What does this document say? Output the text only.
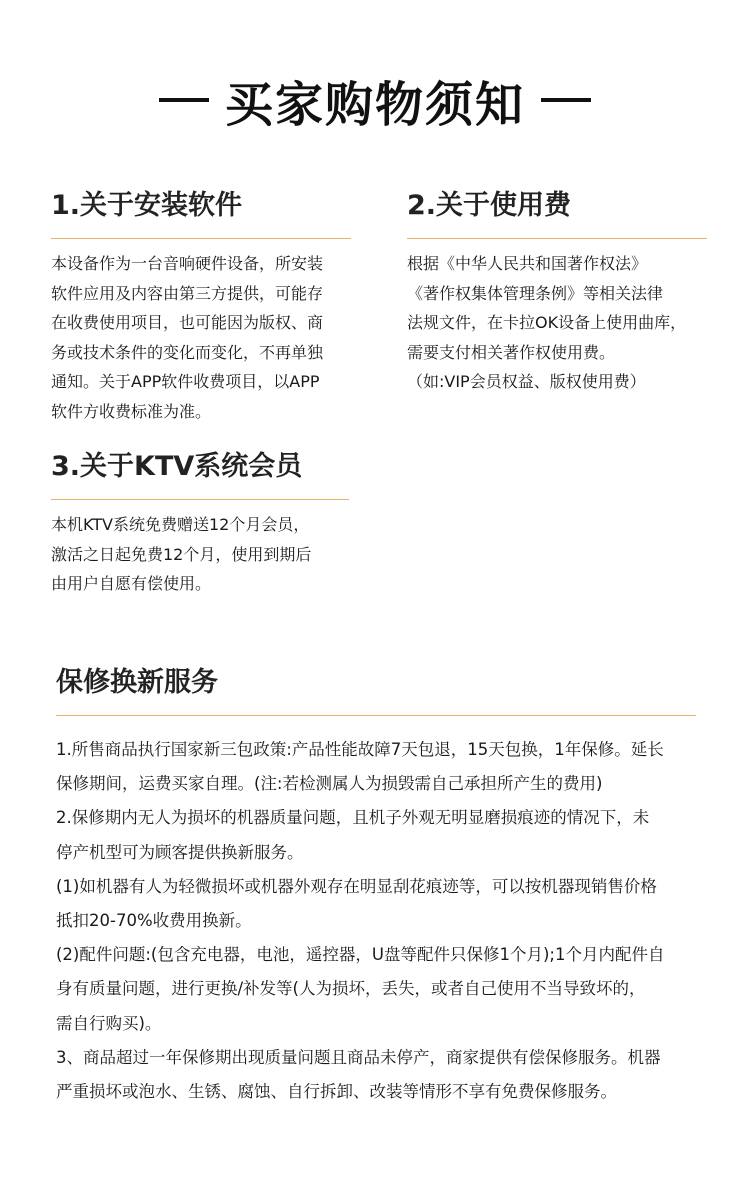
买家购物须知
1.关于安装软件

本设备作为一台音响硬件设备，所安装

软件应用及内容由第三方提供，可能存

在收费使用项目，也可能因为版权、商

务或技术条件的变化而变化，不再单独

通知。关于APP软件收费项目，以APP

软件方收费标准为准。

2.关于使用费

根据《中华人民共和国著作权法》

《著作权集体管理条例》等相关法律

法规文件，在卡拉OK设备上使用曲库，

需要支付相关著作权使用费。

（如:VIP会员权益、版权使用费）

3.关于KTV系统会员

本机KTV系统免费赠送12个月会员，

激活之日起免费12个月，使用到期后

由用户自愿有偿使用。

保修换新服务

1.所售商品执行国家新三包政策:产品性能故障7天包退，15天包换，1年保修。延长

保修期间，运费买家自理。(注:若检测属人为损毁需自己承担所产生的费用)

2.保修期内无人为损坏的机器质量问题，且机子外观无明显磨损痕迹的情况下，未

停产机型可为顾客提供换新服务。

(1)如机器有人为轻微损坏或机器外观存在明显刮花痕迹等，可以按机器现销售价格

抵扣20-70%收费用换新。

(2)配件问题:(包含充电器，电池，遥控器，U盘等配件只保修1个月);1个月内配件自

身有质量问题，进行更换/补发等(人为损坏，丢失，或者自己使用不当导致坏的，

需自行购买)。

3、商品超过一年保修期出现质量问题且商品未停产，商家提供有偿保修服务。机器

严重损坏或泡水、生锈、腐蚀、自行拆卸、改装等情形不享有免费保修服务。
